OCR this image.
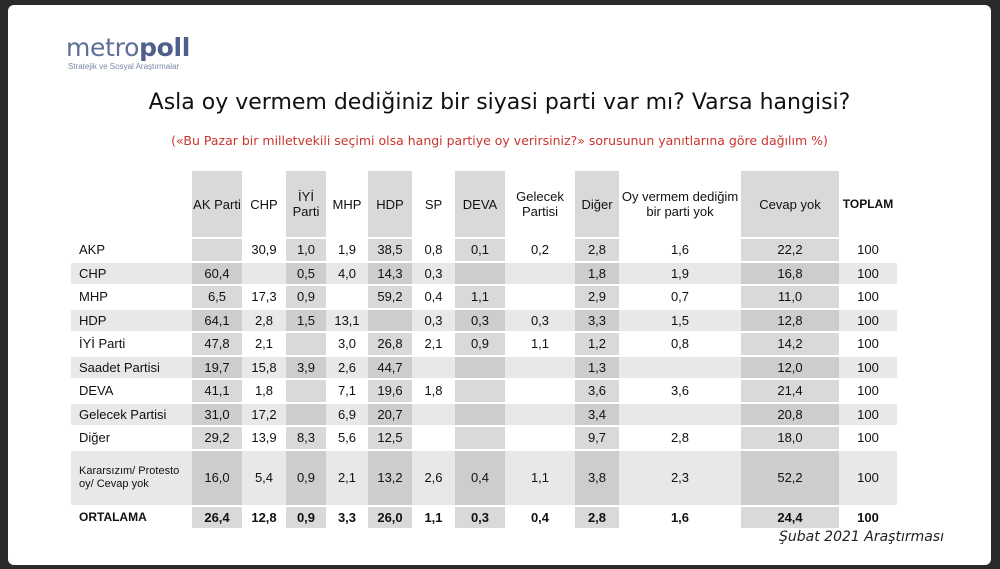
metropoll
Stratejik ve Sosyal Araştırmalar
Asla oy vermem dediğiniz bir siyasi parti var mı? Varsa hangisi?
(«Bu Pazar bir milletvekili seçimi olsa hangi partiye oy verirsiniz?» sorusunun yanıtlarına göre dağılım %)
	AK Parti	CHP	İYİ Parti	MHP	HDP	SP	DEVA	Gelecek Partisi	Diğer	Oy vermem dediğim bir parti yok	Cevap yok	TOPLAM
AKP		30,9	1,0	1,9	38,5	0,8	0,1	0,2	2,8	1,6	22,2	100
CHP	60,4		0,5	4,0	14,3	0,3			1,8	1,9	16,8	100
MHP	6,5	17,3	0,9		59,2	0,4	1,1		2,9	0,7	11,0	100
HDP	64,1	2,8	1,5	13,1		0,3	0,3	0,3	3,3	1,5	12,8	100
İYİ Parti	47,8	2,1		3,0	26,8	2,1	0,9	1,1	1,2	0,8	14,2	100
Saadet Partisi	19,7	15,8	3,9	2,6	44,7				1,3		12,0	100
DEVA	41,1	1,8		7,1	19,6	1,8			3,6	3,6	21,4	100
Gelecek Partisi	31,0	17,2		6,9	20,7				3,4		20,8	100
Diğer	29,2	13,9	8,3	5,6	12,5				9,7	2,8	18,0	100
Kararsızım/ Protesto oy/ Cevap yok	16,0	5,4	0,9	2,1	13,2	2,6	0,4	1,1	3,8	2,3	52,2	100
ORTALAMA	26,4	12,8	0,9	3,3	26,0	1,1	0,3	0,4	2,8	1,6	24,4	100
Şubat 2021 Araştırması
